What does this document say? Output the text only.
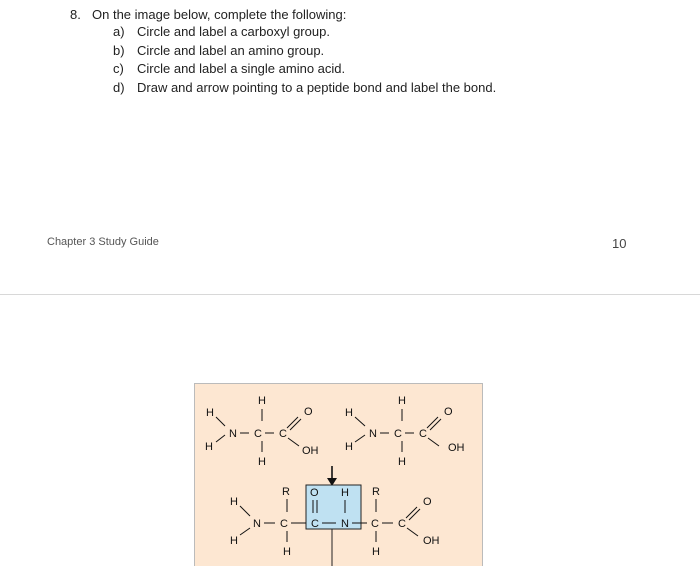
8. On the image below, complete the following:
a) Circle and label a carboxyl group.
b) Circle and label an amino group.
c)	Circle and label a single amino acid.
d) Draw and arrow pointing to a peptide bond and label the bond.
Chapter 3 Study Guide	10
H
H
N C
H
H
C
O
OH
H
H
N C
H
H
C
O
OH
H
H
N C
R
H
C
O
N
H
C
R
H
C
O
OH
